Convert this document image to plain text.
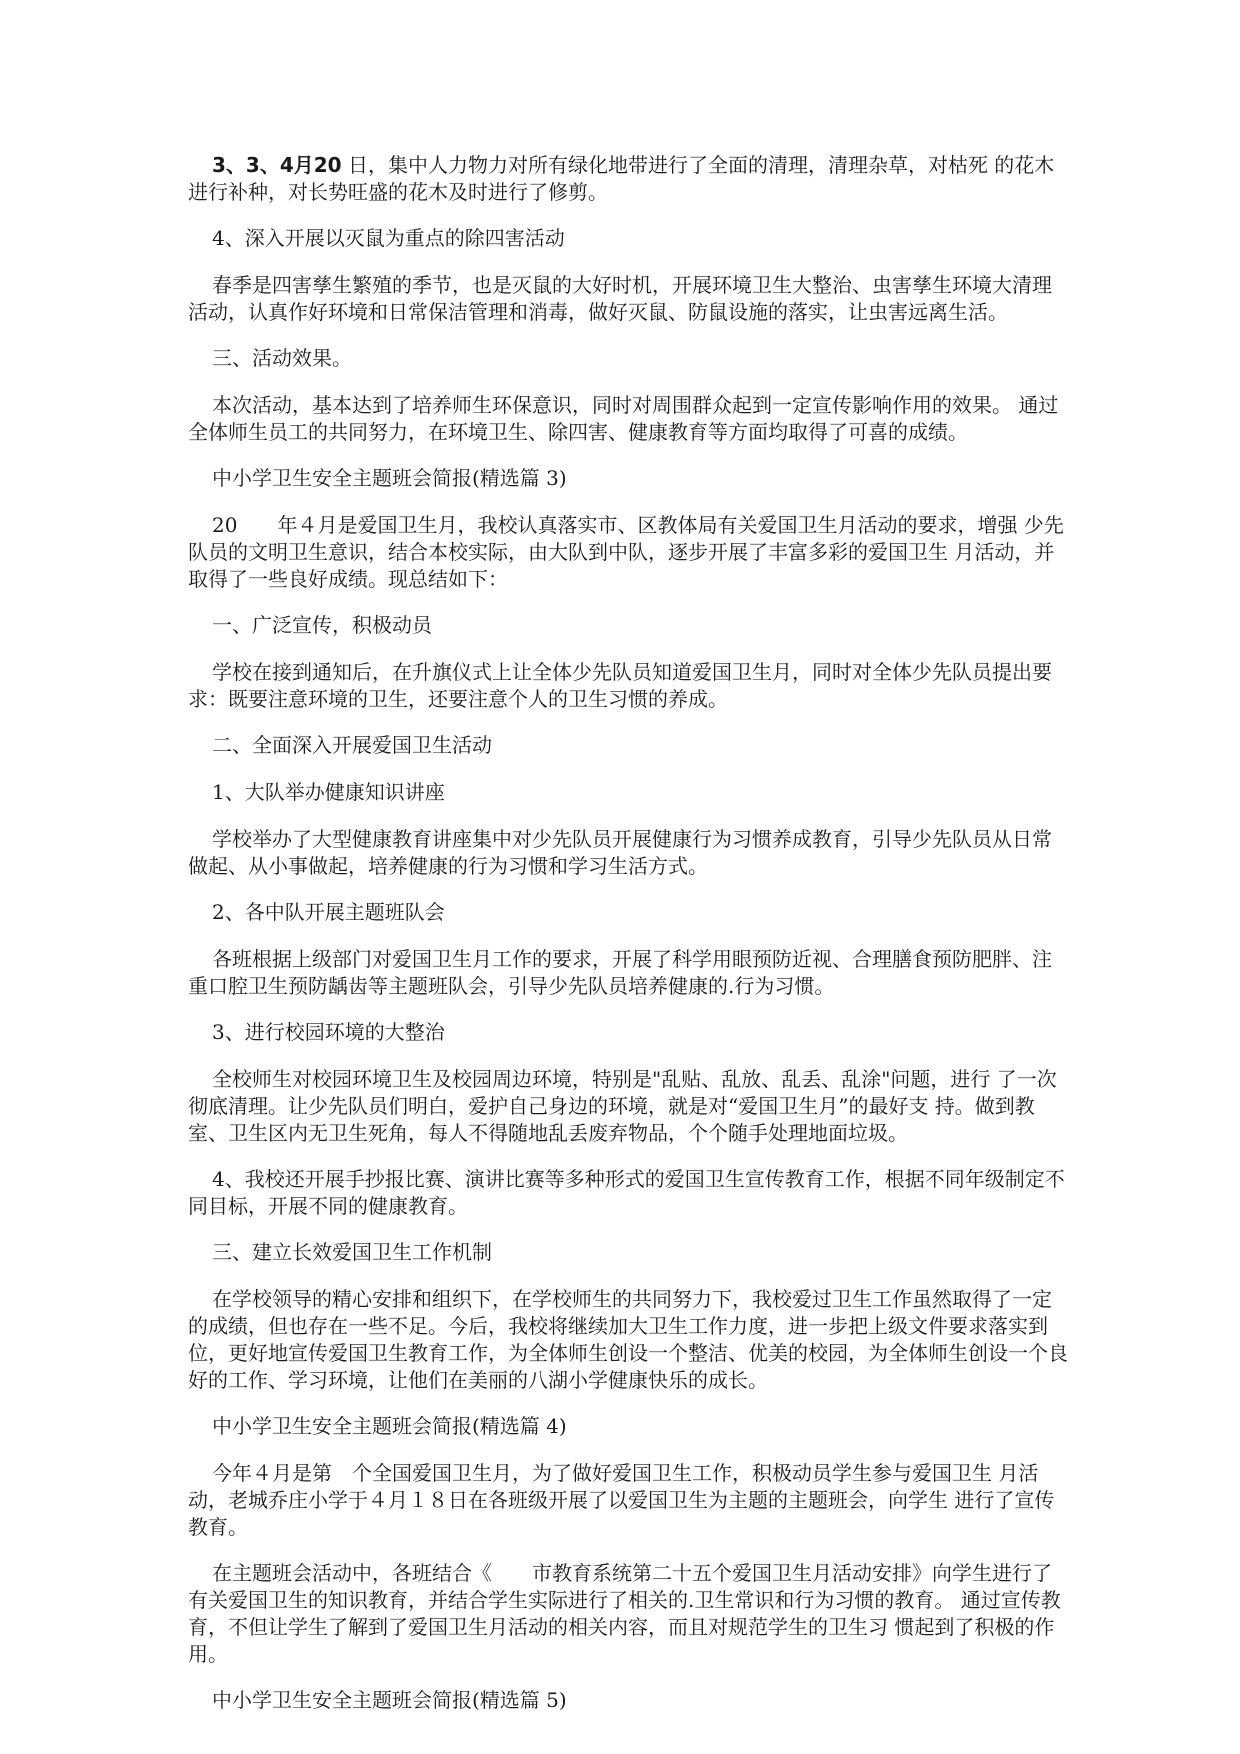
3、3、4月20 日，集中人力物力对所有绿化地带进行了全面的清理，清理杂草，对枯死 的花木进行补种，对长势旺盛的花木及时进行了修剪。

4、深入开展以灭鼠为重点的除四害活动

春季是四害孳生繁殖的季节，也是灭鼠的大好时机，开展环境卫生大整治、虫害孳生环境大清理活动，认真作好环境和日常保洁管理和消毒，做好灭鼠、防鼠设施的落实，让虫害远离生活。

三、活动效果。

本次活动，基本达到了培养师生环保意识，同时对周围群众起到一定宣传影响作用的效果。 通过全体师生员工的共同努力，在环境卫生、除四害、健康教育等方面均取得了可喜的成绩。

中小学卫生安全主题班会简报(精选篇 3)

20　　年４月是爱国卫生月，我校认真落实市、区教体局有关爱国卫生月活动的要求，增强 少先队员的文明卫生意识，结合本校实际，由大队到中队，逐步开展了丰富多彩的爱国卫生 月活动，并取得了一些良好成绩。现总结如下：

一、广泛宣传，积极动员

学校在接到通知后，在升旗仪式上让全体少先队员知道爱国卫生月，同时对全体少先队员提出要求：既要注意环境的卫生，还要注意个人的卫生习惯的养成。

二、全面深入开展爱国卫生活动

1、大队举办健康知识讲座

学校举办了大型健康教育讲座集中对少先队员开展健康行为习惯养成教育，引导少先队员从日常做起、从小事做起，培养健康的行为习惯和学习生活方式。

2、各中队开展主题班队会

各班根据上级部门对爱国卫生月工作的要求，开展了科学用眼预防近视、合理膳食预防肥胖、注重口腔卫生预防龋齿等主题班队会，引导少先队员培养健康的.行为习惯。

3、进行校园环境的大整治

全校师生对校园环境卫生及校园周边环境，特别是"乱贴、乱放、乱丢、乱涂"问题，进行 了一次彻底清理。让少先队员们明白，爱护自己身边的环境，就是对“爱国卫生月”的最好支 持。做到教室、卫生区内无卫生死角，每人不得随地乱丢废弃物品，个个随手处理地面垃圾。

4、我校还开展手抄报比赛、演讲比赛等多种形式的爱国卫生宣传教育工作，根据不同年级制定不同目标，开展不同的健康教育。

三、建立长效爱国卫生工作机制

在学校领导的精心安排和组织下，在学校师生的共同努力下，我校爱过卫生工作虽然取得了一定的成绩，但也存在一些不足。今后，我校将继续加大卫生工作力度，进一步把上级文件要求落实到位，更好地宣传爱国卫生教育工作，为全体师生创设一个整洁、优美的校园，为全体师生创设一个良好的工作、学习环境，让他们在美丽的八湖小学健康快乐的成长。

中小学卫生安全主题班会简报(精选篇 4)

今年４月是第　个全国爱国卫生月，为了做好爱国卫生工作，积极动员学生参与爱国卫生 月活动，老城乔庄小学于４月１８日在各班级开展了以爱国卫生为主题的主题班会，向学生 进行了宣传教育。

在主题班会活动中，各班结合《　　市教育系统第二十五个爱国卫生月活动安排》向学生进行了有关爱国卫生的知识教育，并结合学生实际进行了相关的.卫生常识和行为习惯的教育。 通过宣传教育，不但让学生了解到了爱国卫生月活动的相关内容，而且对规范学生的卫生习 惯起到了积极的作用。

中小学卫生安全主题班会简报(精选篇 5)
